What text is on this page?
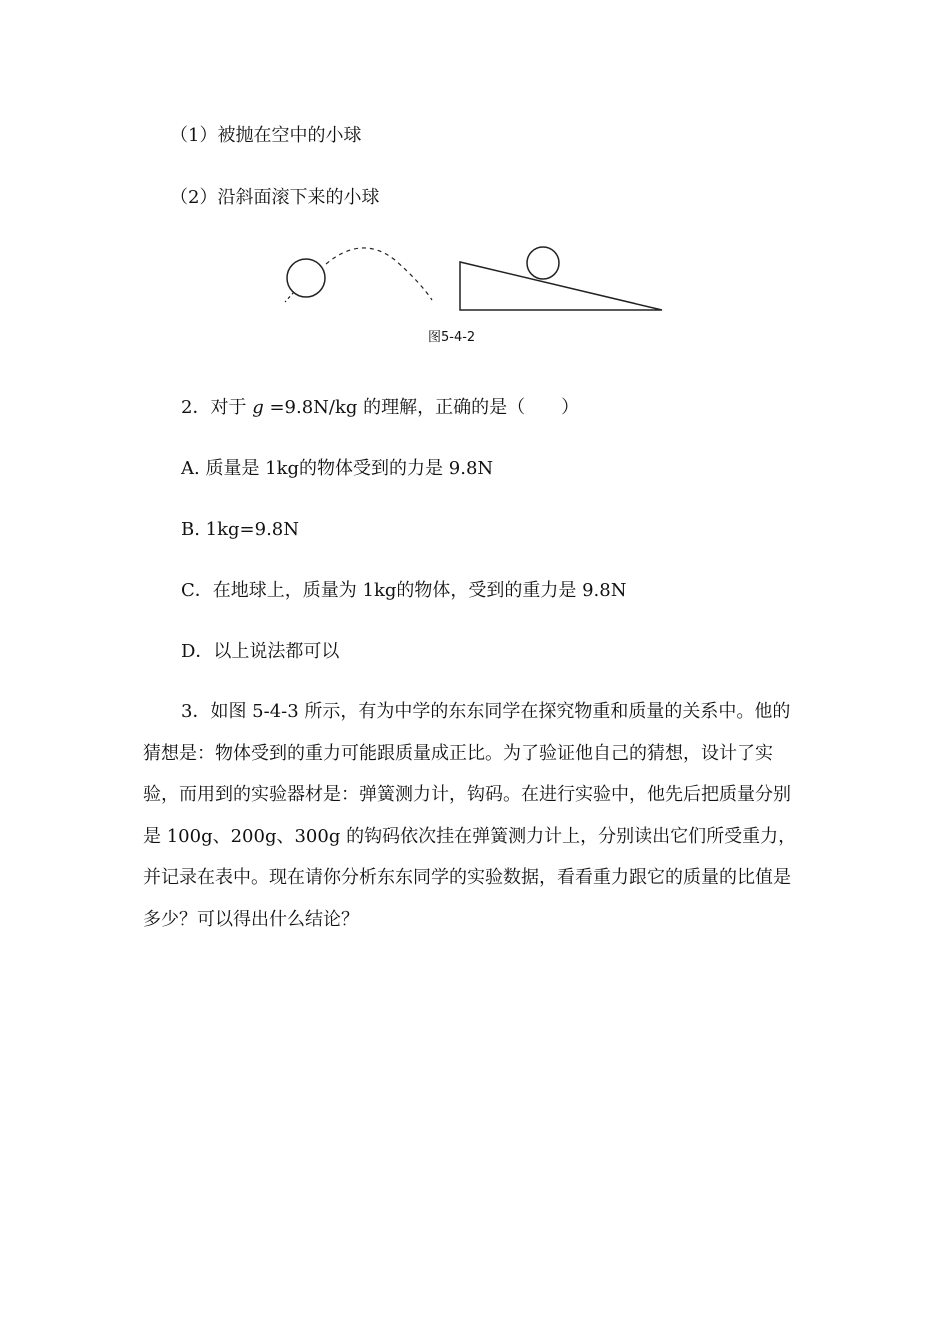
（1）被抛在空中的小球
（2）沿斜面滚下来的小球
图5-4-2
2．对于 g =9.8N/kg 的理解，正确的是（　　）
A. 质量是 1kg的物体受到的力是 9.8N
B. 1kg=9.8N
C．在地球上，质量为 1kg的物体，受到的重力是 9.8N
D．以上说法都可以
3．如图 5-4-3 所示，有为中学的东东同学在探究物重和质量的关系中。他的猜想是：物体受到的重力可能跟质量成正比。为了验证他自己的猜想，设计了实验，而用到的实验器材是：弹簧测力计，钩码。在进行实验中，他先后把质量分别是 100g、200g、300g 的钩码依次挂在弹簧测力计上，分别读出它们所受重力，并记录在表中。现在请你分析东东同学的实验数据，看看重力跟它的质量的比值是多少？可以得出什么结论？
